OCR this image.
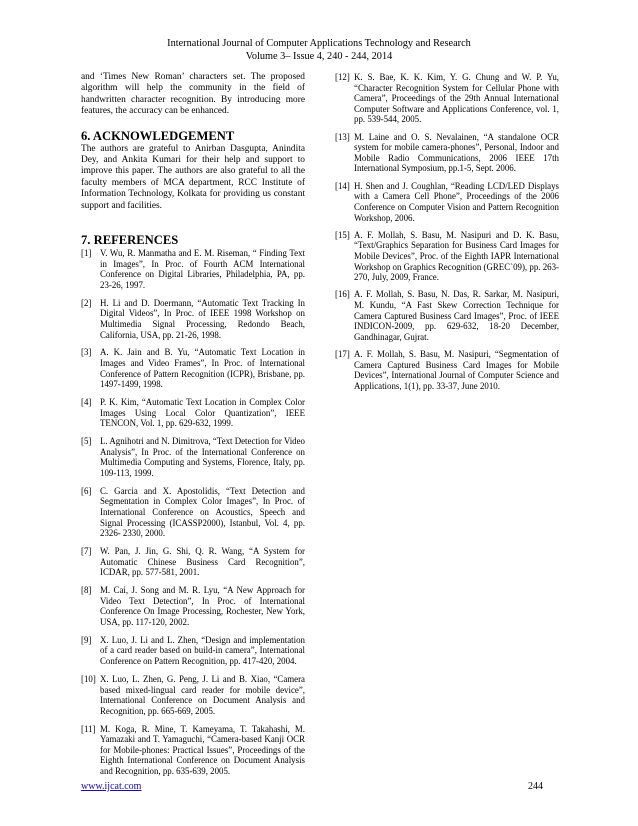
International Journal of Computer Applications Technology and Research
Volume 3– Issue 4, 240 - 244, 2014

and ‘Times New Roman’ characters set. The proposed algorithm will help the community in the field of handwritten character recognition. By introducing more features, the accuracy can be enhanced.

6. ACKNOWLEDGEMENT

The authors are grateful to Anirban Dasgupta, Anindita Dey, and Ankita Kumari for their help and support to improve this paper. The authors are also grateful to all the faculty members of MCA department, RCC Institute of Information Technology, Kolkata for providing us constant support and facilities.

7. REFERENCES
[1] V. Wu, R. Manmatha and E. M. Riseman, “ Finding Text in Images”, In Proc. of Fourth ACM International Conference on Digital Libraries, Philadelphia, PA, pp. 23-26, 1997.
[2] H. Li and D. Doermann, “Automatic Text Tracking In Digital Videos”, In Proc. of IEEE 1998 Workshop on Multimedia Signal Processing, Redondo Beach, California, USA, pp. 21-26, 1998.
[3] A. K. Jain and B. Yu, “Automatic Text Location in Images and Video Frames”, In Proc. of International Conference of Pattern Recognition (ICPR), Brisbane, pp. 1497-1499, 1998.
[4] P. K. Kim, “Automatic Text Location in Complex Color Images Using Local Color Quantization”, IEEE TENCON, Vol. 1, pp. 629-632, 1999.
[5] L. Agnihotri and N. Dimitrova, “Text Detection for Video Analysis”, In Proc. of the International Conference on Multimedia Computing and Systems, Florence, Italy, pp. 109-113, 1999.
[6] C. Garcia and X. Apostolidis, “Text Detection and Segmentation in Complex Color Images”, In Proc. of International Conference on Acoustics, Speech and Signal Processing (ICASSP2000), Istanbul, Vol. 4, pp. 2326- 2330, 2000.
[7] W. Pan, J. Jin, G. Shi, Q. R. Wang, “A System for Automatic Chinese Business Card Recognition”, ICDAR, pp. 577-581, 2001.
[8] M. Cai, J. Song and M. R. Lyu, “A New Approach for Video Text Detection”, In Proc. of International Conference On Image Processing, Rochester, New York, USA, pp. 117-120, 2002.
[9] X. Luo, J. Li and L. Zhen, “Design and implementation of a card reader based on build-in camera”, International Conference on Pattern Recognition, pp. 417-420, 2004.
[10] X. Luo, L. Zhen, G. Peng, J. Li and B. Xiao, “Camera based mixed-lingual card reader for mobile device”, International Conference on Document Analysis and Recognition, pp. 665-669, 2005.
[11] M. Koga, R. Mine, T. Kameyama, T. Takahashi, M. Yamazaki and T. Yamaguchi, “Camera-based Kanji OCR for Mobile-phones: Practical Issues”, Proceedings of the Eighth International Conference on Document Analysis and Recognition, pp. 635-639, 2005.
[12] K. S. Bae, K. K. Kim, Y. G. Chung and W. P. Yu, “Character Recognition System for Cellular Phone with Camera”, Proceedings of the 29th Annual International Computer Software and Applications Conference, vol. 1, pp. 539-544, 2005.
[13] M. Laine and O. S. Nevalainen, “A standalone OCR system for mobile camera-phones”, Personal, Indoor and Mobile Radio Communications, 2006 IEEE 17th International Symposium, pp.1-5, Sept. 2006.
[14] H. Shen and J. Coughlan, “Reading LCD/LED Displays with a Camera Cell Phone”, Proceedings of the 2006 Conference on Computer Vision and Pattern Recognition Workshop, 2006.
[15] A. F. Mollah, S. Basu, M. Nasipuri and D. K. Basu, “Text/Graphics Separation for Business Card Images for Mobile Devices”, Proc. of the Eighth IAPR International Workshop on Graphics Recognition (GREC`09), pp. 263-270, July, 2009, France.
[16] A. F. Mollah, S. Basu, N. Das, R. Sarkar, M. Nasipuri, M. Kundu, “A Fast Skew Correction Technique for Camera Captured Business Card Images”, Proc. of IEEE INDICON-2009, pp. 629-632, 18-20 December, Gandhinagar, Gujrat.
[17] A. F. Mollah, S. Basu, M. Nasipuri, “Segmentation of Camera Captured Business Card Images for Mobile Devices”, International Journal of Computer Science and Applications, 1(1), pp. 33-37, June 2010.
www.ijcat.com	244
